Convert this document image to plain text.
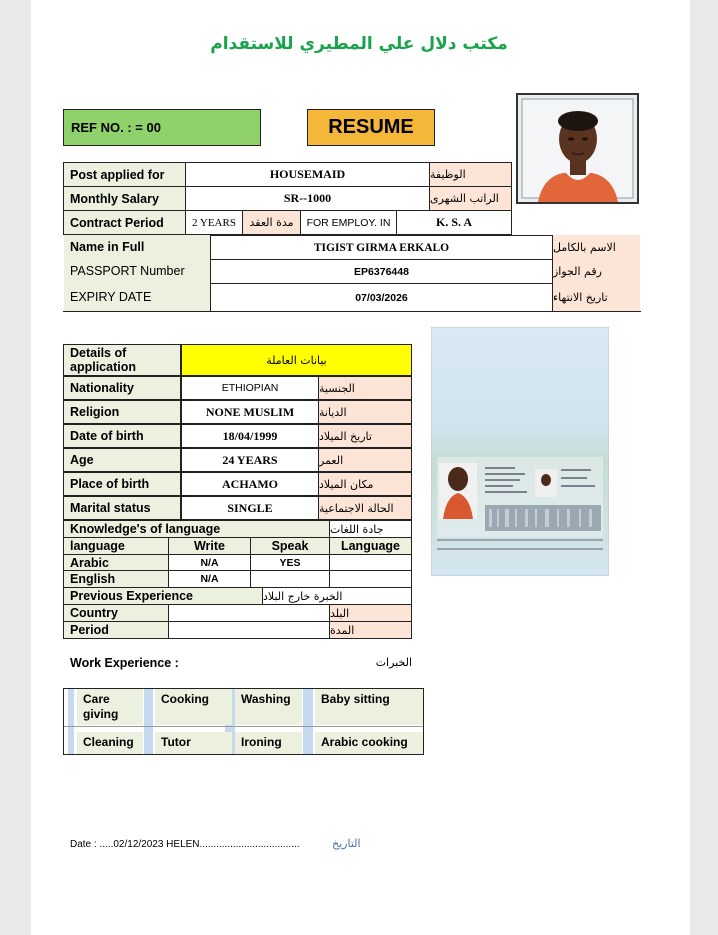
مكتب دلال علي المطيري للاستقدام
REF NO. : = 00	RESUME
Post applied for	HOUSEMAID	الوظيفة
Monthly Salary	SR--1000	الراتب الشهرى
Contract Period	2 YEARS	مدة العقد	FOR EMPLOY. IN	K. S. A
Name in Full	TIGIST GIRMA ERKALO	الاسم بالكامل
PASSPORT Number	EP6376448	رقم الجواز
EXPIRY DATE	07/03/2026	تاريخ الانتهاء
Details of application	بيانات العاملة
Nationality	ETHIOPIAN	الجنسية
Religion	NONE MUSLIM	الديانة
Date of birth	18/04/1999	تاريخ الميلاد
Age	24 YEARS	العمر
Place of birth	ACHAMO	مكان الميلاد
Marital status	SINGLE	الحالة الاجتماعية
Knowledge's of language	جادة اللغات
language	Write	Speak	Language
Arabic	N/A	YES
English	N/A
Previous Experience	الخبرة خارج البلاد
Country	البلد
Period	المدة
Work Experience :	الخبرات
Care giving
Cooking	Washing	Baby sitting
Cleaning	Tutor	Ironing	Arabic cooking
Date : .....02/12/2023 HELEN....................................	التاريخ
